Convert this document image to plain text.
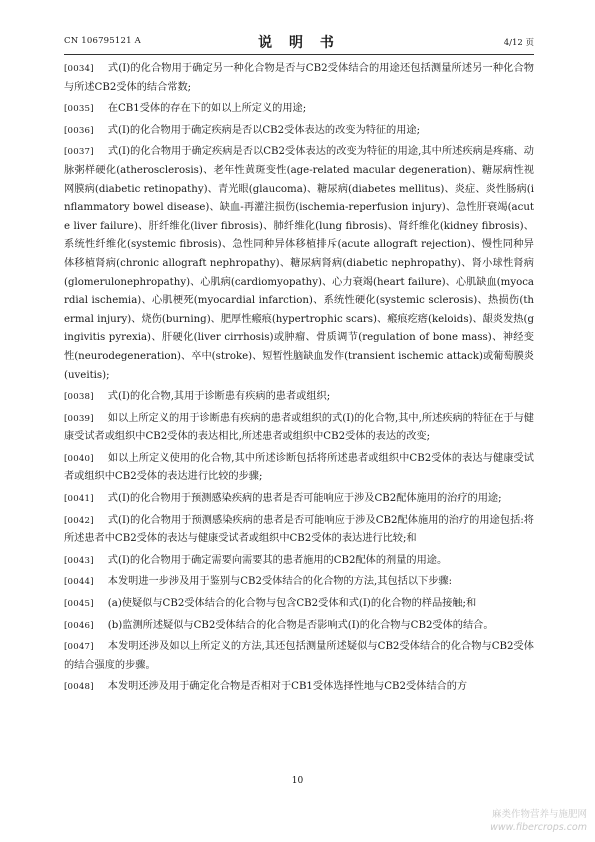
CN 106795121 A	说 明 书	4/12 页

[0034] 式(I)的化合物用于确定另一种化合物是否与CB2受体结合的用途还包括测量所述另一种化合物与所述CB2受体的结合常数;

[0035] 在CB1受体的存在下的如以上所定义的用途;

[0036] 式(I)的化合物用于确定疾病是否以CB2受体表达的改变为特征的用途;

[0037] 式(I)的化合物用于确定疾病是否以CB2受体表达的改变为特征的用途,其中所述疾病是疼痛、动脉粥样硬化(atherosclerosis)、老年性黄斑变性(age-related macular degeneration)、糖尿病性视网膜病(diabetic retinopathy)、青光眼(glaucoma)、糖尿病(diabetes mellitus)、炎症、炎性肠病(inflammatory bowel disease)、缺血-再灌注损伤(ischemia-reperfusion injury)、急性肝衰竭(acute liver failure)、肝纤维化(liver fibrosis)、肺纤维化(lung fibrosis)、肾纤维化(kidney fibrosis)、系统性纤维化(systemic fibrosis)、急性同种异体移植排斥(acute allograft rejection)、慢性同种异体移植肾病(chronic allograft nephropathy)、糖尿病肾病(diabetic nephropathy)、肾小球性肾病(glomerulonephropathy)、心肌病(cardiomyopathy)、心力衰竭(heart failure)、心肌缺血(myocardial ischemia)、心肌梗死(myocardial infarction)、系统性硬化(systemic sclerosis)、热损伤(thermal injury)、烧伤(burning)、肥厚性瘢痕(hypertrophic scars)、瘢痕疙瘩(keloids)、龈炎发热(gingivitis pyrexia)、肝硬化(liver cirrhosis)或肿瘤、骨质调节(regulation of bone mass)、神经变性(neurodegeneration)、卒中(stroke)、短暂性脑缺血发作(transient ischemic attack)或葡萄膜炎(uveitis);

[0038] 式(I)的化合物,其用于诊断患有疾病的患者或组织;

[0039] 如以上所定义的用于诊断患有疾病的患者或组织的式(I)的化合物,其中,所述疾病的特征在于与健康受试者或组织中CB2受体的表达相比,所述患者或组织中CB2受体的表达的改变;

[0040] 如以上所定义使用的化合物,其中所述诊断包括将所述患者或组织中CB2受体的表达与健康受试者或组织中CB2受体的表达进行比较的步骤;

[0041] 式(I)的化合物用于预测感染疾病的患者是否可能响应于涉及CB2配体施用的治疗的用途;

[0042] 式(I)的化合物用于预测感染疾病的患者是否可能响应于涉及CB2配体施用的治疗的用途包括:将所述患者中CB2受体的表达与健康受试者或组织中CB2受体的表达进行比较;和

[0043] 式(I)的化合物用于确定需要向需要其的患者施用的CB2配体的剂量的用途。

[0044] 本发明进一步涉及用于鉴别与CB2受体结合的化合物的方法,其包括以下步骤:

[0045] (a)使疑似与CB2受体结合的化合物与包含CB2受体和式(I)的化合物的样品接触;和

[0046] (b)监测所述疑似与CB2受体结合的化合物是否影响式(I)的化合物与CB2受体的结合。

[0047] 本发明还涉及如以上所定义的方法,其还包括测量所述疑似与CB2受体结合的化合物与CB2受体的结合强度的步骤。

[0048] 本发明还涉及用于确定化合物是否相对于CB1受体选择性地与CB2受体结合的方

10
麻类作物营养与施肥网
www.fibercrops.com
